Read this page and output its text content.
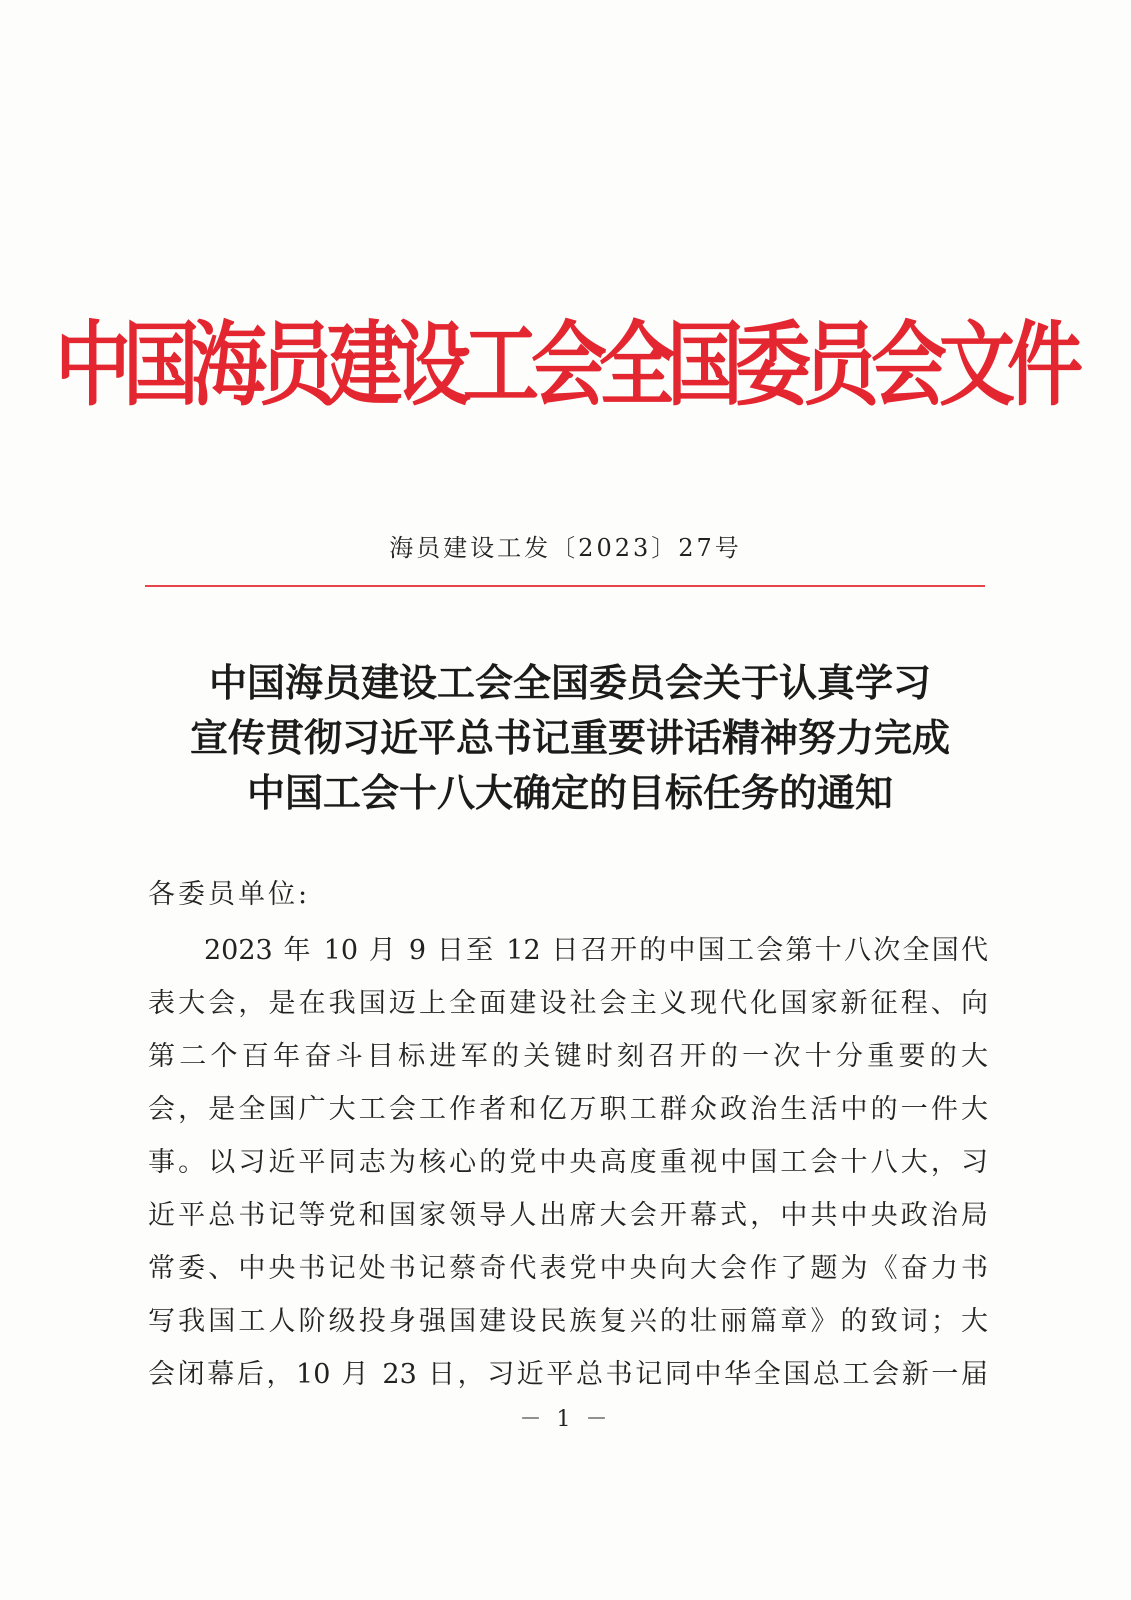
中国海员建设工会全国委员会文件
海员建设工发〔2023〕27号
中国海员建设工会全国委员会关于认真学习
宣传贯彻习近平总书记重要讲话精神努力完成
中国工会十八大确定的目标任务的通知
各委员单位:
2023 年 10 月 9 日至 12 日召开的中国工会第十八次全国代
表大会，是在我国迈上全面建设社会主义现代化国家新征程、向
第二个百年奋斗目标进军的关键时刻召开的一次十分重要的大
会，是全国广大工会工作者和亿万职工群众政治生活中的一件大
事。以习近平同志为核心的党中央高度重视中国工会十八大，习
近平总书记等党和国家领导人出席大会开幕式，中共中央政治局
常委、中央书记处书记蔡奇代表党中央向大会作了题为《奋力书
写我国工人阶级投身强国建设民族复兴的壮丽篇章》的致词；大
会闭幕后，10 月 23 日，习近平总书记同中华全国总工会新一届
－ 1 －
